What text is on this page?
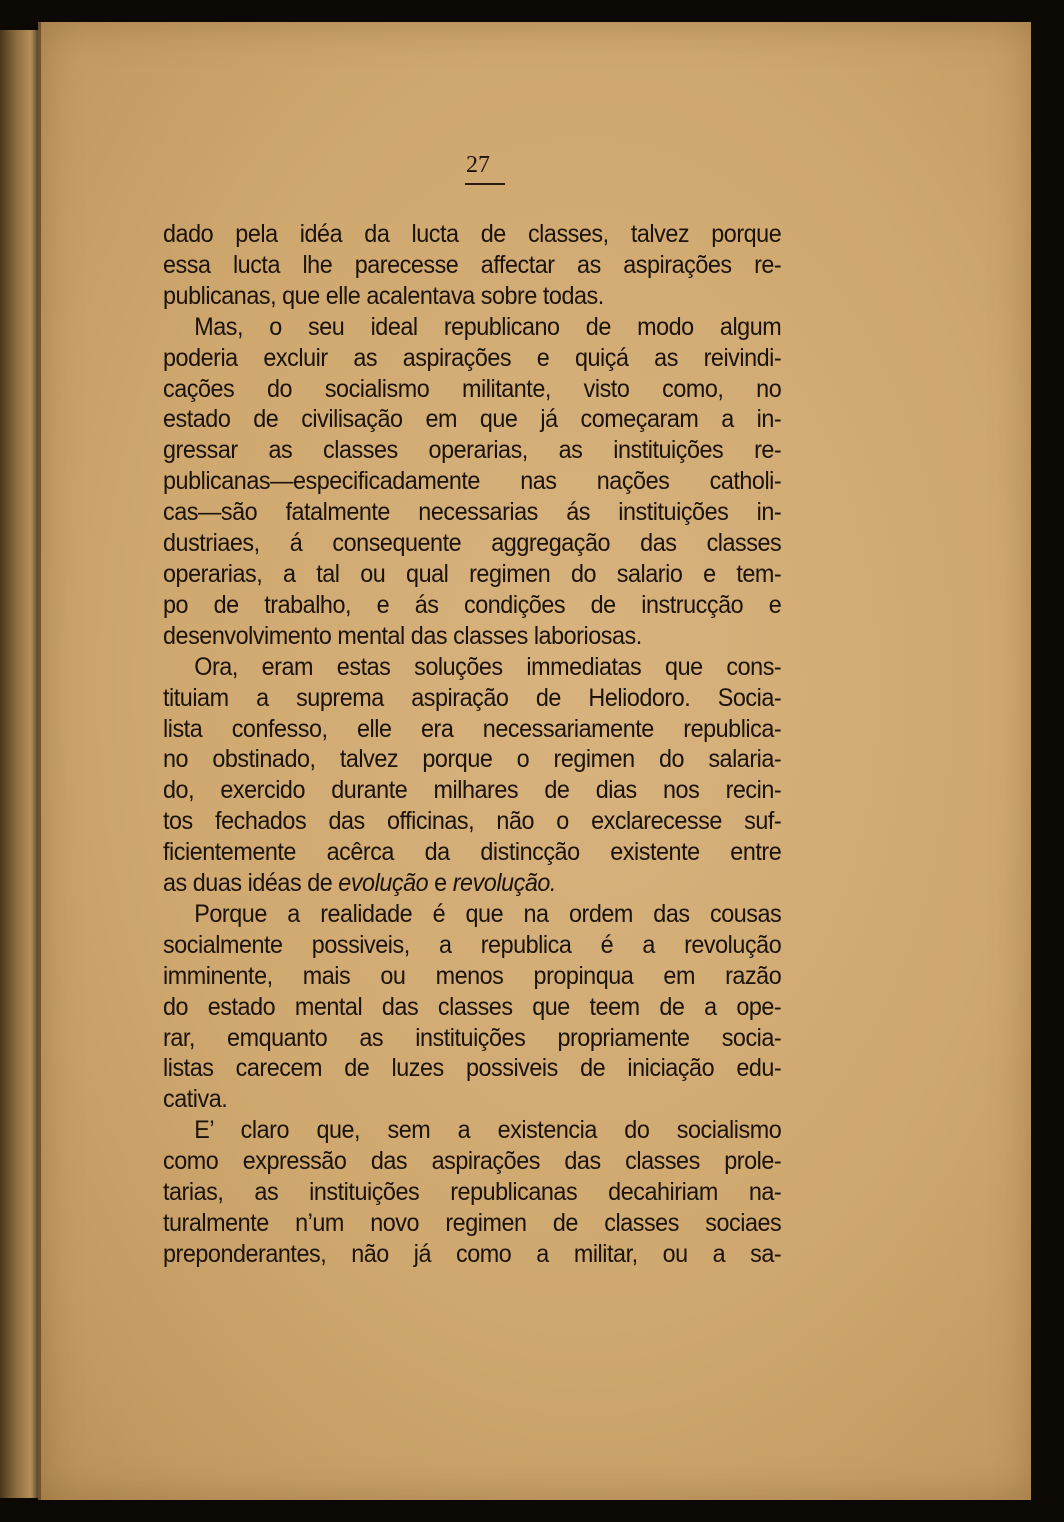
27
dado pela idéa da lucta de classes, talvez porque
essa lucta lhe parecesse affectar as aspirações re-
publicanas, que elle acalentava sobre todas.
Mas, o seu ideal republicano de modo algum
poderia excluir as aspirações e quiçá as reivindi-
cações do socialismo militante, visto como, no
estado de civilisação em que já começaram a in-
gressar as classes operarias, as instituições re-
publicanas—especificadamente nas nações catholi-
cas—são fatalmente necessarias ás instituições in-
dustriaes, á consequente aggregação das classes
operarias, a tal ou qual regimen do salario e tem-
po de trabalho, e ás condições de instrucção e
desenvolvimento mental das classes laboriosas.
Ora, eram estas soluções immediatas que cons-
tituiam a suprema aspiração de Heliodoro. Socia-
lista confesso, elle era necessariamente republica-
no obstinado, talvez porque o regimen do salaria-
do, exercido durante milhares de dias nos recin-
tos fechados das officinas, não o exclarecesse suf-
ficientemente acêrca da distincção existente entre
as duas idéas de evolução e revolução.
Porque a realidade é que na ordem das cousas
socialmente possiveis, a republica é a revolução
imminente, mais ou menos propinqua em razão
do estado mental das classes que teem de a ope-
rar, emquanto as instituições propriamente socia-
listas carecem de luzes possiveis de iniciação edu-
cativa.
E’ claro que, sem a existencia do socialismo
como expressão das aspirações das classes prole-
tarias, as instituições republicanas decahiriam na-
turalmente n’um novo regimen de classes sociaes
preponderantes, não já como a militar, ou a sa-
